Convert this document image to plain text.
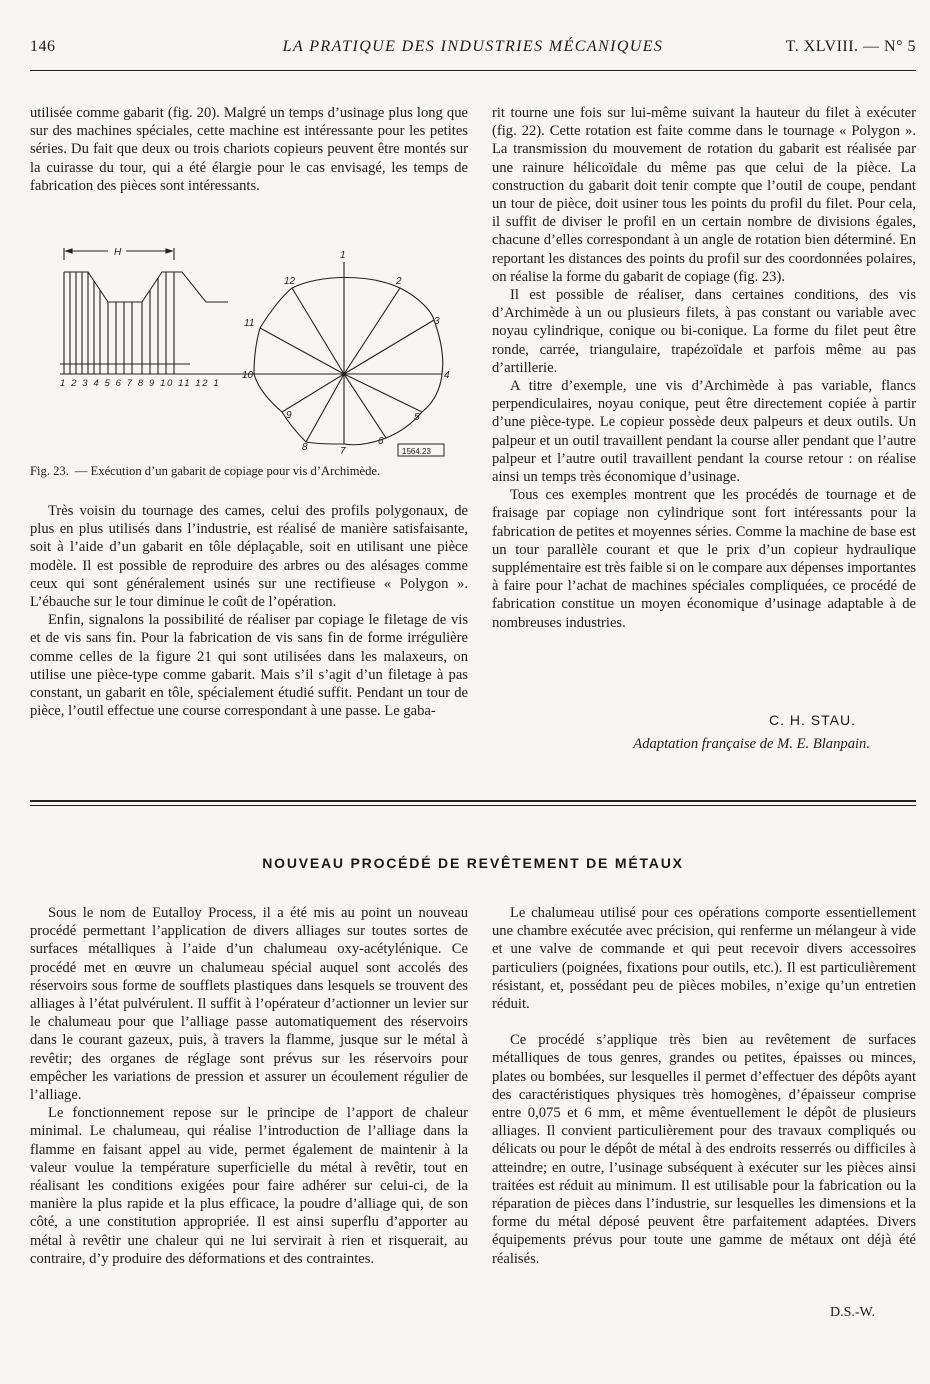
146	LA PRATIQUE DES INDUSTRIES MÉCANIQUES	T. XLVIII. — N° 5

utilisée comme gabarit (fig. 20). Malgré un temps d’usinage plus long que sur des machines spéciales, cette machine est intéressante pour les petites séries. Du fait que deux ou trois chariots copieurs peuvent être montés sur la cuirasse du tour, qui a été élargie pour le cas envisagé, les temps de fabrication des pièces sont intéressants.

H
1 2 3 4 5 6 7 8 9 10 11 12 1
1
2
3
4
5
6
7
8
9
10
11
12
1564.23
Fig. 23. — Exécution d’un gabarit de copiage pour vis d’Archimède.

Très voisin du tournage des cames, celui des profils polygonaux, de plus en plus utilisés dans l’industrie, est réalisé de manière satisfaisante, soit à l’aide d’un gabarit en tôle déplaçable, soit en utilisant une pièce modèle. Il est possible de reproduire des arbres ou des alésages comme ceux qui sont généralement usinés sur une rectifieuse « Polygon ». L’ébauche sur le tour diminue le coût de l’opération.

Enfin, signalons la possibilité de réaliser par copiage le filetage de vis et de vis sans fin. Pour la fabrication de vis sans fin de forme irrégulière comme celles de la figure 21 qui sont utilisées dans les malaxeurs, on utilise une pièce-type comme gabarit. Mais s’il s’agit d’un filetage à pas constant, un gabarit en tôle, spécialement étudié suffit. Pendant un tour de pièce, l’outil effectue une course correspondant à une passe. Le gaba-

rit tourne une fois sur lui-même suivant la hauteur du filet à exécuter (fig. 22). Cette rotation est faite comme dans le tournage « Polygon ». La transmission du mouvement de rotation du gabarit est réalisée par une rainure hélicoïdale du même pas que celui de la pièce. La construction du gabarit doit tenir compte que l’outil de coupe, pendant un tour de pièce, doit usiner tous les points du profil du filet. Pour cela, il suffit de diviser le profil en un certain nombre de divisions égales, chacune d’elles correspondant à un angle de rotation bien déterminé. En reportant les distances des points du profil sur des coordonnées polaires, on réalise la forme du gabarit de copiage (fig. 23).

Il est possible de réaliser, dans certaines conditions, des vis d’Archimède à un ou plusieurs filets, à pas constant ou variable avec noyau cylindrique, conique ou bi-conique. La forme du filet peut être ronde, carrée, triangulaire, trapézoïdale et parfois même au pas d’artillerie.

A titre d’exemple, une vis d’Archimède à pas variable, flancs perpendiculaires, noyau conique, peut être directement copiée à partir d’une pièce-type. Le copieur possède deux palpeurs et deux outils. Un palpeur et un outil travaillent pendant la course aller pendant que l’autre palpeur et l’autre outil travaillent pendant la course retour : on réalise ainsi un temps très économique d’usinage.

Tous ces exemples montrent que les procédés de tournage et de fraisage par copiage non cylindrique sont fort intéressants pour la fabrication de petites et moyennes séries. Comme la machine de base est un tour parallèle courant et que le prix d’un copieur hydraulique supplémentaire est très faible si on le compare aux dépenses importantes à faire pour l’achat de machines spéciales compliquées, ce procédé de fabrication constitue un moyen économique d’usinage adaptable à de nombreuses industries.

C. H. STAU.
Adaptation française de M. E. Blanpain.
NOUVEAU PROCÉDÉ DE REVÊTEMENT DE MÉTAUX

Sous le nom de Eutalloy Process, il a été mis au point un nouveau procédé permettant l’application de divers alliages sur toutes sortes de surfaces métalliques à l’aide d’un chalumeau oxy-acétylénique. Ce procédé met en œuvre un chalumeau spécial auquel sont accolés des réservoirs sous forme de soufflets plastiques dans lesquels se trouvent des alliages à l’état pulvérulent. Il suffit à l’opérateur d’actionner un levier sur le chalumeau pour que l’alliage passe automatiquement des réservoirs dans le courant gazeux, puis, à travers la flamme, jusque sur le métal à revêtir; des organes de réglage sont prévus sur les réservoirs pour empêcher les variations de pression et assurer un écoulement régulier de l’alliage.

Le fonctionnement repose sur le principe de l’apport de chaleur minimal. Le chalumeau, qui réalise l’introduction de l’alliage dans la flamme en faisant appel au vide, permet également de maintenir à la valeur voulue la température superficielle du métal à revêtir, tout en réalisant les conditions exigées pour faire adhérer sur celui-ci, de la manière la plus rapide et la plus efficace, la poudre d’alliage qui, de son côté, a une constitution appropriée. Il est ainsi superflu d’apporter au métal à revêtir une chaleur qui ne lui servirait à rien et risquerait, au contraire, d’y produire des déformations et des contraintes.

Le chalumeau utilisé pour ces opérations comporte essentiellement une chambre exécutée avec précision, qui renferme un mélangeur à vide et une valve de commande et qui peut recevoir divers accessoires particuliers (poignées, fixations pour outils, etc.). Il est particulièrement résistant, et, possédant peu de pièces mobiles, n’exige qu’un entretien réduit.

Ce procédé s’applique très bien au revêtement de surfaces métalliques de tous genres, grandes ou petites, épaisses ou minces, plates ou bombées, sur lesquelles il permet d’effectuer des dépôts ayant des caractéristiques physiques très homogènes, d’épaisseur comprise entre 0,075 et 6 mm, et même éventuellement le dépôt de plusieurs alliages. Il convient particulièrement pour des travaux compliqués ou délicats ou pour le dépôt de métal à des endroits resserrés ou difficiles à atteindre; en outre, l’usinage subséquent à exécuter sur les pièces ainsi traitées est réduit au minimum. Il est utilisable pour la fabrication ou la réparation de pièces dans l’industrie, sur lesquelles les dimensions et la forme du métal déposé peuvent être parfaitement adaptées. Divers équipements prévus pour toute une gamme de métaux ont déjà été réalisés.

D.S.-W.
